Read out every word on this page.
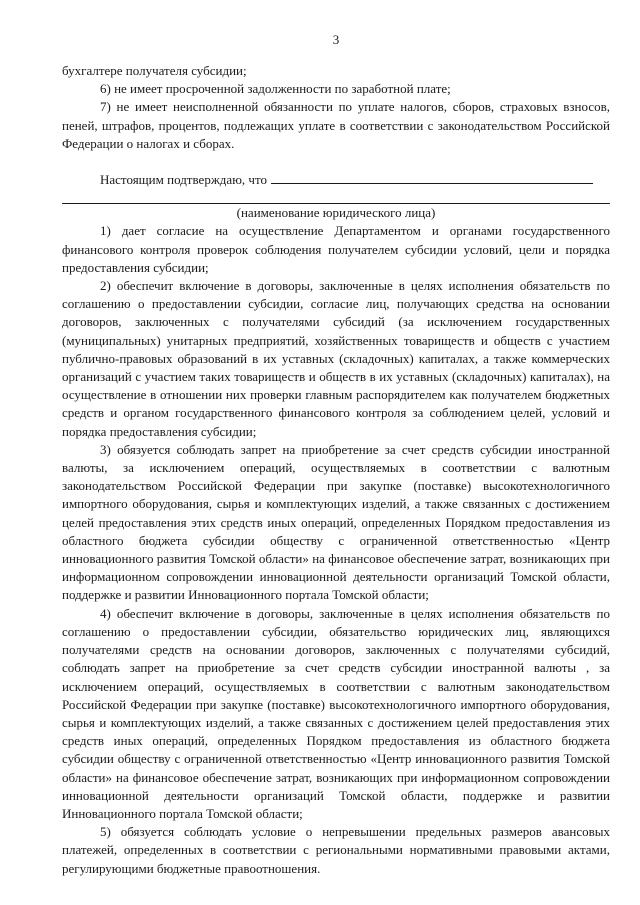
3

бухгалтере получателя субсидии;

6) не имеет просроченной задолженности по заработной плате;

7) не имеет неисполненной обязанности по уплате налогов, сборов, страховых взносов, пеней, штрафов, процентов, подлежащих уплате в соответствии с законодательством Российской Федерации о налогах и сборах.

Настоящим подтверждаю, что

(наименование юридического лица)

1) дает согласие на осуществление Департаментом и органами государственного финансового контроля проверок соблюдения получателем субсидии условий, цели и порядка предоставления субсидии;

2) обеспечит включение в договоры, заключенные в целях исполнения обязательств по соглашению о предоставлении субсидии, согласие лиц, получающих средства на основании договоров, заключенных с получателями субсидий (за исключением государственных (муниципальных) унитарных предприятий, хозяйственных товариществ и обществ с участием публично-правовых образований в их уставных (складочных) капиталах, а также коммерческих организаций с участием таких товариществ и обществ в их уставных (складочных) капиталах), на осуществление в отношении них проверки главным распорядителем как получателем бюджетных средств и органом государственного финансового контроля за соблюдением целей, условий и порядка предоставления субсидии;

3) обязуется соблюдать запрет на приобретение за счет средств субсидии иностранной валюты, за исключением операций, осуществляемых в соответствии с валютным законодательством Российской Федерации при закупке (поставке) высокотехнологичного импортного оборудования, сырья и комплектующих изделий, а также связанных с достижением целей предоставления этих средств иных операций, определенных Порядком предоставления из областного бюджета субсидии обществу с ограниченной ответственностью «Центр инновационного развития Томской области» на финансовое обеспечение затрат, возникающих при информационном сопровождении инновационной деятельности организаций Томской области, поддержке и развитии Инновационного портала Томской области;

4) обеспечит включение в договоры, заключенные в целях исполнения обязательств по соглашению о предоставлении субсидии, обязательство юридических лиц, являющихся получателями средств на основании договоров, заключенных с получателями субсидий, соблюдать запрет на приобретение за счет средств субсидии иностранной валюты , за исключением операций, осуществляемых в соответствии с валютным законодательством Российской Федерации при закупке (поставке) высокотехнологичного импортного оборудования, сырья и комплектующих изделий, а также связанных с достижением целей предоставления этих средств иных операций, определенных Порядком предоставления из областного бюджета субсидии обществу с ограниченной ответственностью «Центр инновационного развития Томской области» на финансовое обеспечение затрат, возникающих при информационном сопровождении инновационной деятельности организаций Томской области, поддержке и развитии Инновационного портала Томской области;

5) обязуется соблюдать условие о непревышении предельных размеров авансовых платежей, определенных в соответствии с региональными нормативными правовыми актами, регулирующими бюджетные правоотношения.
